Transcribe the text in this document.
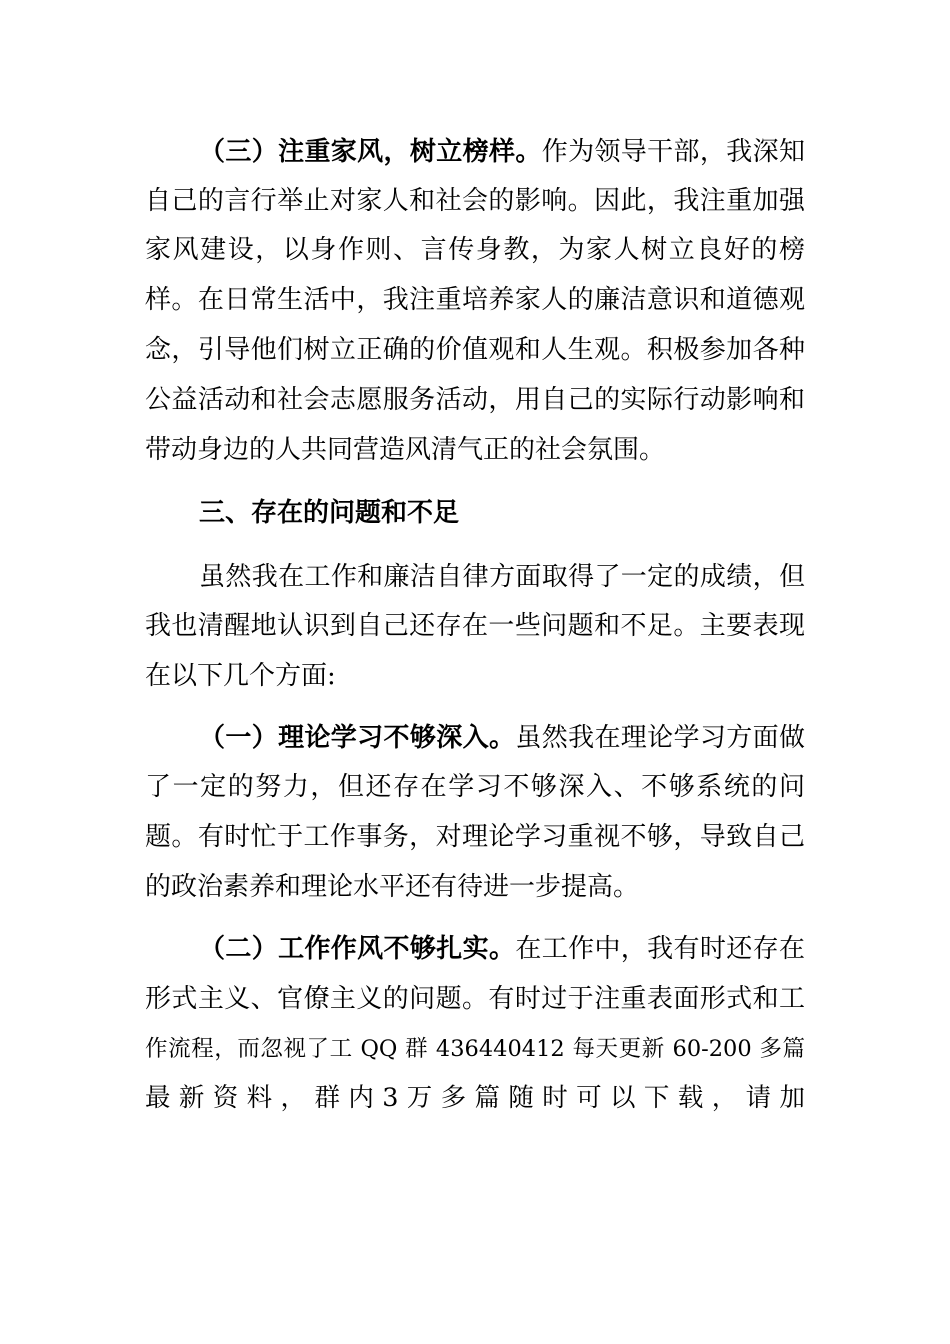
（三）注重家风，树立榜样。作为领导干部，我深知
自己的言行举止对家人和社会的影响。因此，我注重加强
家风建设，以身作则、言传身教，为家人树立良好的榜
样。在日常生活中，我注重培养家人的廉洁意识和道德观
念，引导他们树立正确的价值观和人生观。积极参加各种
公益活动和社会志愿服务活动，用自己的实际行动影响和
带动身边的人共同营造风清气正的社会氛围。
三、存在的问题和不足
虽然我在工作和廉洁自律方面取得了一定的成绩，但
我也清醒地认识到自己还存在一些问题和不足。主要表现
在以下几个方面:
（一）理论学习不够深入。虽然我在理论学习方面做
了一定的努力，但还存在学习不够深入、不够系统的问
题。有时忙于工作事务，对理论学习重视不够，导致自己
的政治素养和理论水平还有待进一步提高。
（二）工作作风不够扎实。在工作中，我有时还存在
形式主义、官僚主义的问题。有时过于注重表面形式和工
作流程，而忽视了工 QQ 群 436440412 每天更新 60-200 多篇
最 新 资 料 ， 群 内 3 万 多 篇 随 时 可 以 下 载 ， 请 加
